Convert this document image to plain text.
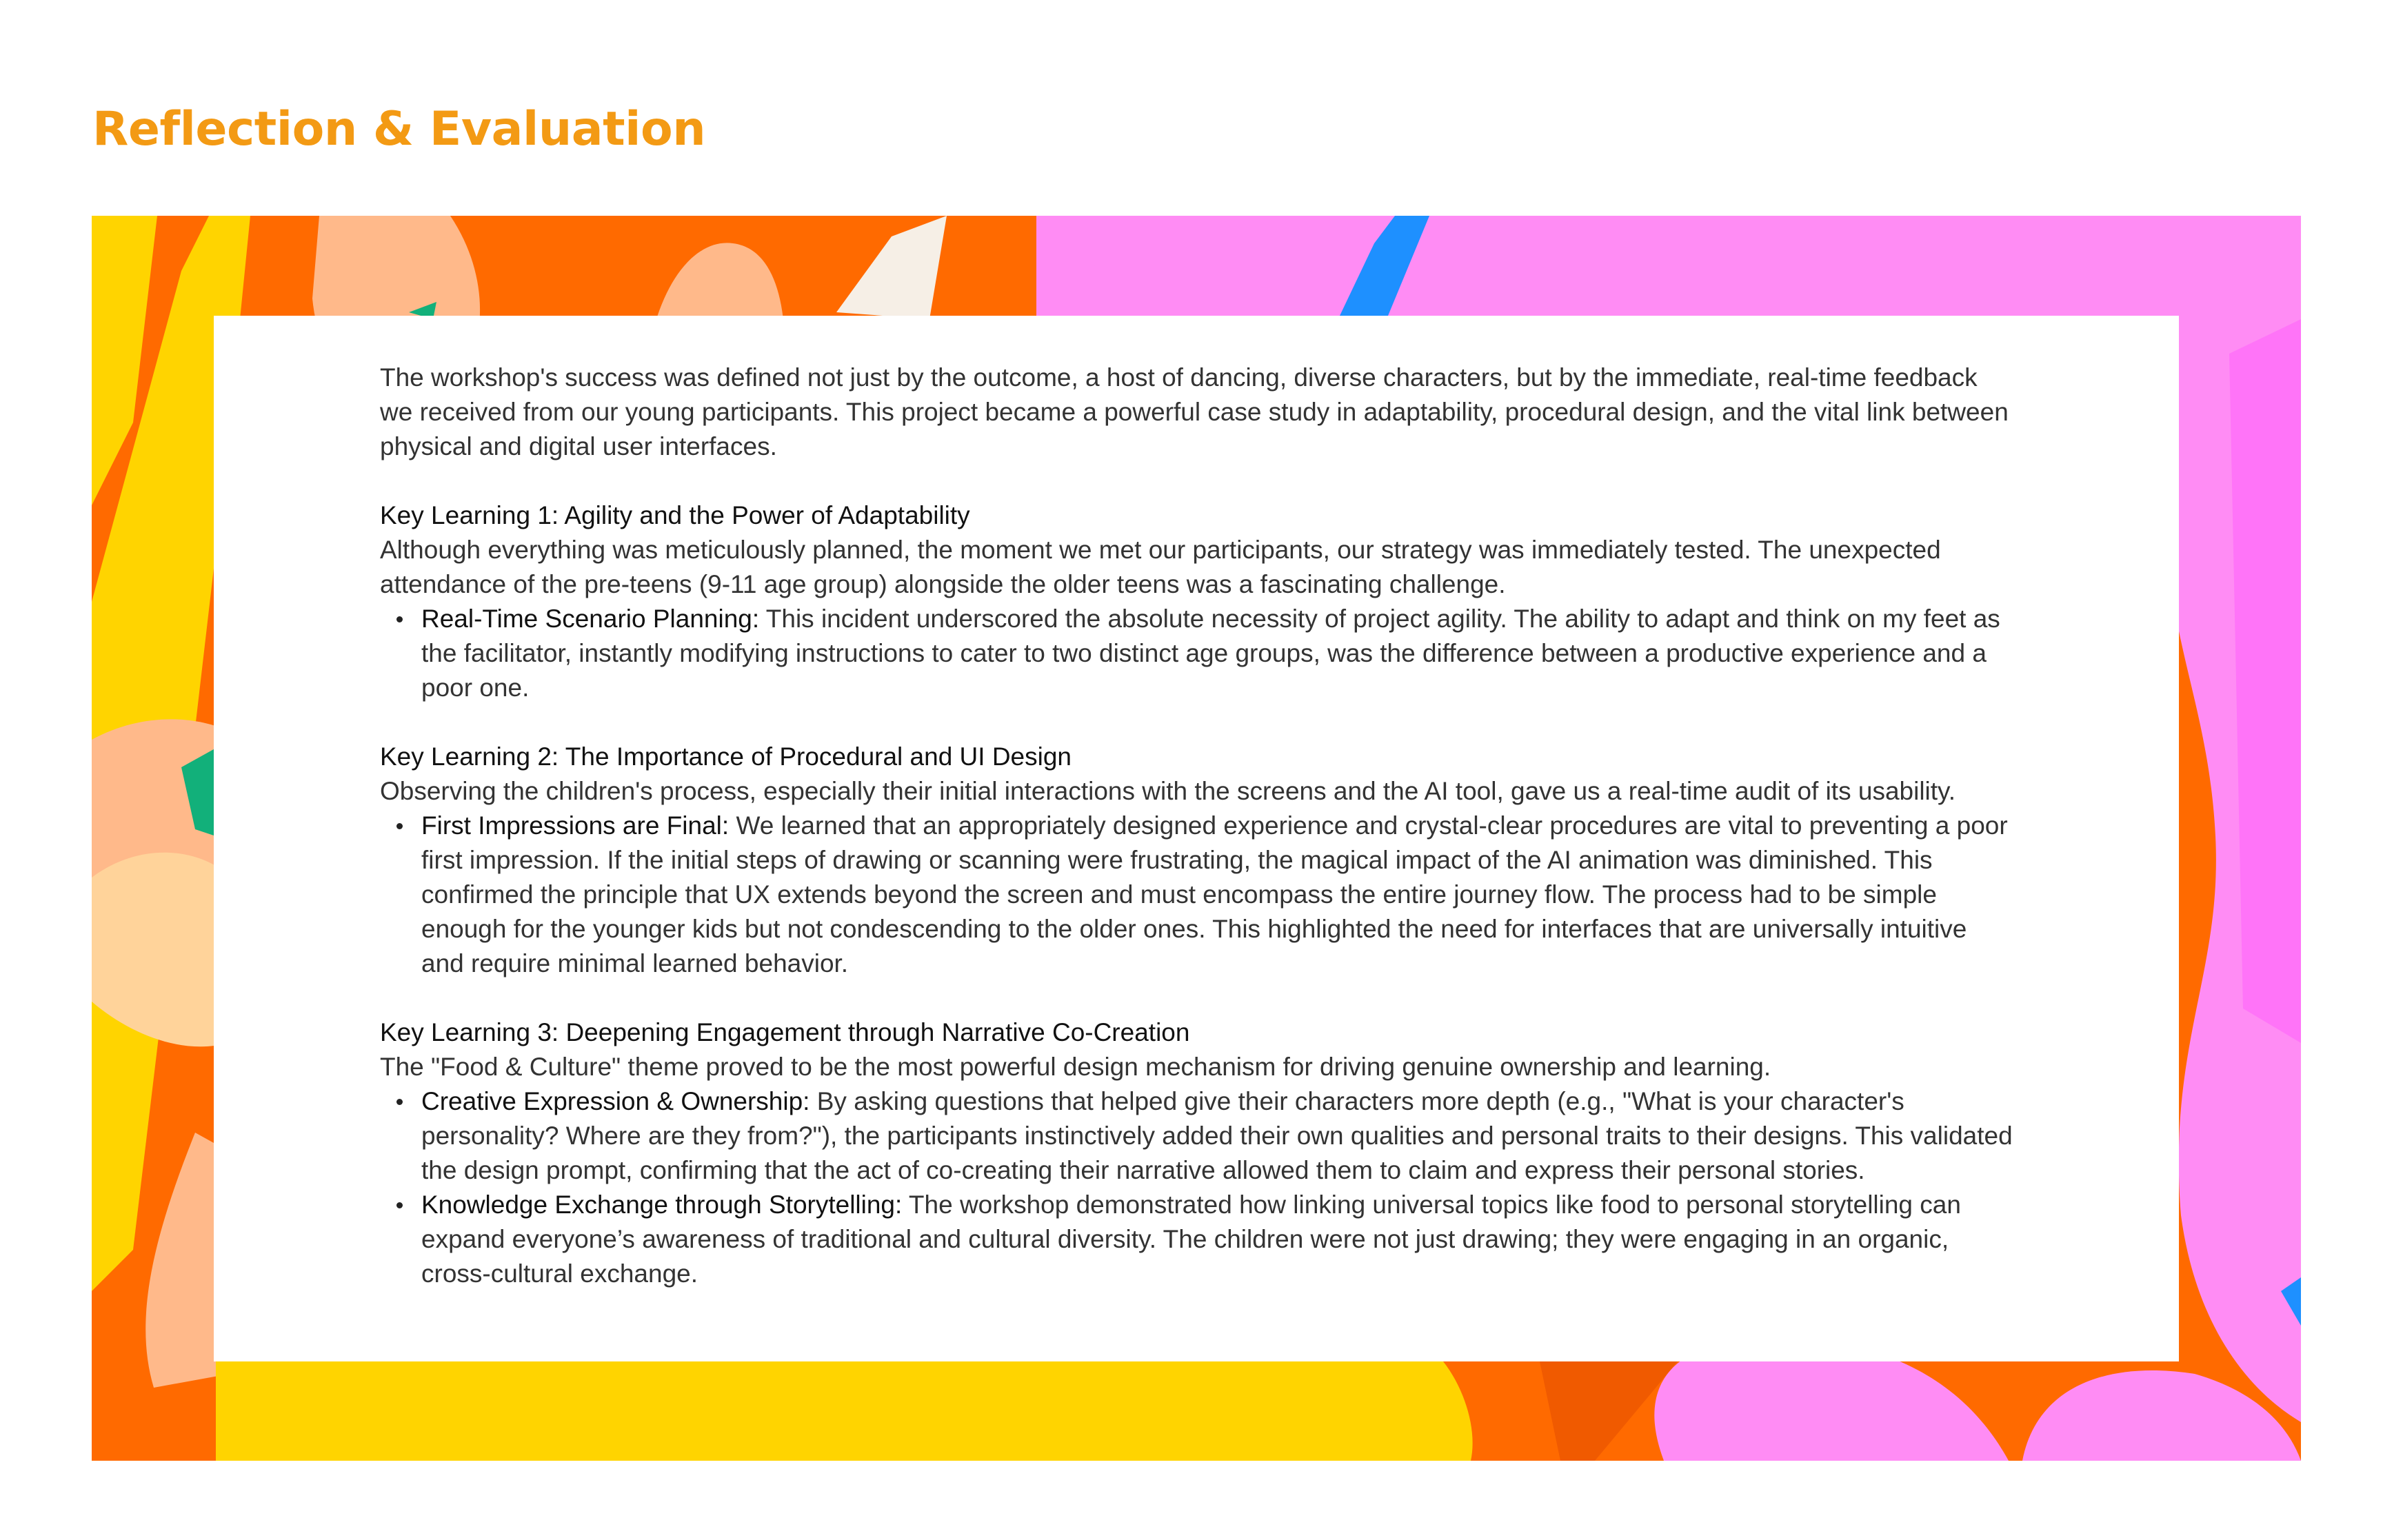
Reflection & Evaluation

The workshop's success was defined not just by the outcome, a host of dancing, diverse characters, but by the immediate, real-time feedback we received from our young participants. This project became a powerful case study in adaptability, procedural design, and the vital link between physical and digital user interfaces.

Key Learning 1: Agility and the Power of Adaptability

Although everything was meticulously planned, the moment we met our participants, our strategy was immediately tested. The unexpected attendance of the pre-teens (9-11 age group) alongside the older teens was a fascinating challenge.

Real-Time Scenario Planning: This incident underscored the absolute necessity of project agility. The ability to adapt and think on my feet as the facilitator, instantly modifying instructions to cater to two distinct age groups, was the difference between a productive experience and a poor one.

Key Learning 2: The Importance of Procedural and UI Design

Observing the children's process, especially their initial interactions with the screens and the AI tool, gave us a real-time audit of its usability.

First Impressions are Final: We learned that an appropriately designed experience and crystal-clear procedures are vital to preventing a poor first impression. If the initial steps of drawing or scanning were frustrating, the magical impact of the AI animation was diminished. This confirmed the principle that UX extends beyond the screen and must encompass the entire journey flow. The process had to be simple enough for the younger kids but not condescending to the older ones. This highlighted the need for interfaces that are universally intuitive and require minimal learned behavior.

Key Learning 3: Deepening Engagement through Narrative Co-Creation

The "Food & Culture" theme proved to be the most powerful design mechanism for driving genuine ownership and learning.

Creative Expression & Ownership: By asking questions that helped give their characters more depth (e.g., "What is your character's personality? Where are they from?"), the participants instinctively added their own qualities and personal traits to their designs. This validated the design prompt, confirming that the act of co-creating their narrative allowed them to claim and express their personal stories.
Knowledge Exchange through Storytelling: The workshop demonstrated how linking universal topics like food to personal storytelling can expand everyone’s awareness of traditional and cultural diversity. The children were not just drawing; they were engaging in an organic, cross-cultural exchange.
